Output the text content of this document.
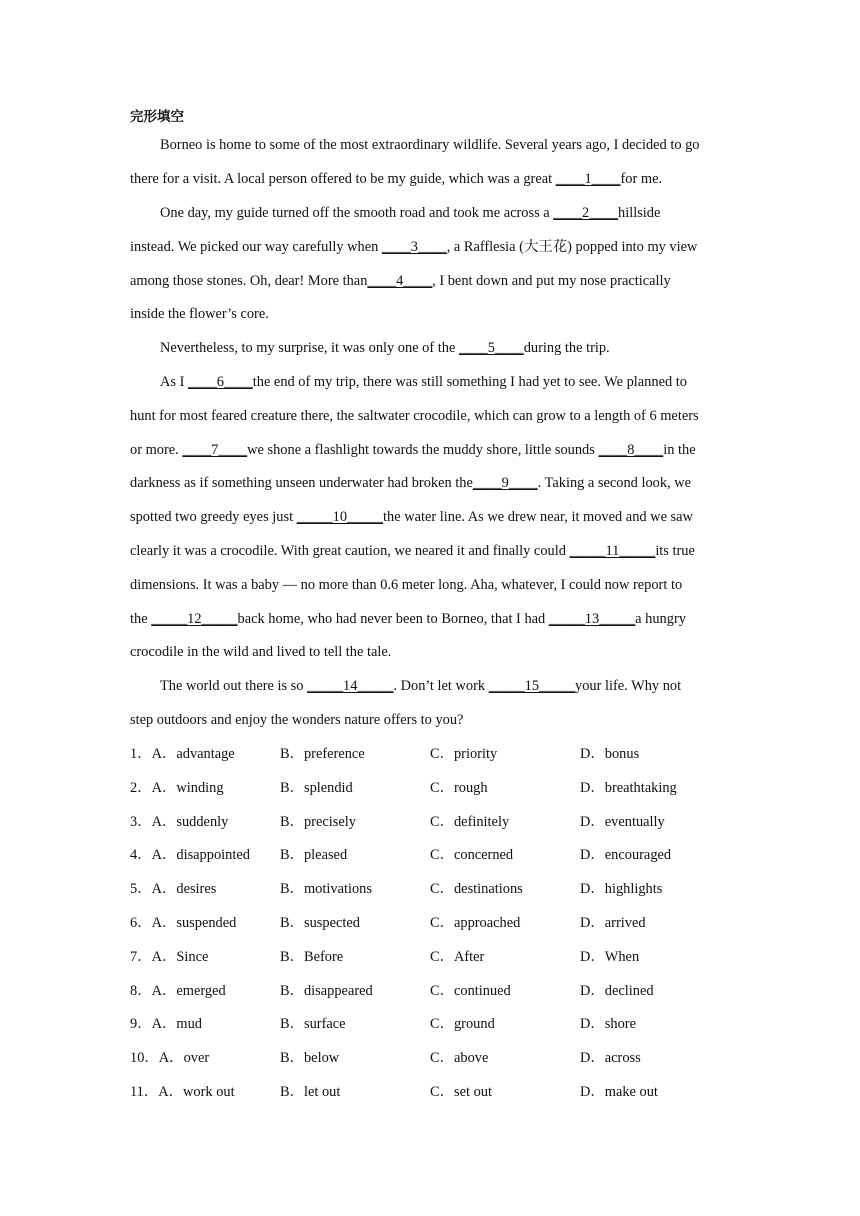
完形填空
Borneo is home to some of the most extraordinary wildlife. Several years ago, I decided to go
there for a visit. A local person offered to be my guide, which was a great ____1____for me.
One day, my guide turned off the smooth road and took me across a ____2____hillside
instead. We picked our way carefully when ____3____, a Rafflesia (大王花) popped into my view
among those stones. Oh, dear! More than____4____, I bent down and put my nose practically
inside the flower’s core.
Nevertheless, to my surprise, it was only one of the ____5____during the trip.
As I ____6____the end of my trip, there was still something I had yet to see. We planned to
hunt for most feared creature there, the saltwater crocodile, which can grow to a length of 6 meters
or more. ____7____we shone a flashlight towards the muddy shore, little sounds ____8____in the
darkness as if something unseen underwater had broken the____9____. Taking a second look, we
spotted two greedy eyes just _____10_____the water line. As we drew near, it moved and we saw
clearly it was a crocodile. With great caution, we neared it and finally could _____11_____its true
dimensions. It was a baby — no more than 0.6 meter long. Aha, whatever, I could now report to
the _____12_____back home, who had never been to Borneo, that I had _____13_____a hungry
crocodile in the wild and lived to tell the tale.
The world out there is so _____14_____. Don’t let work _____15_____your life. Why not
step outdoors and enjoy the wonders nature offers to you?
1．A．advantage	B．preference	C．priority	D．bonus
2．A．winding	B．splendid	C．rough	D．breathtaking
3．A．suddenly	B．precisely	C．definitely	D．eventually
4．A．disappointed B．pleased	C．concerned	D．encouraged
5．A．desires	B．motivations	C．destinations	D．highlights
6．A．suspended	B．suspected	C．approached	D．arrived
7．A．Since	B．Before	C．After	D．When
8．A．emerged	B．disappeared	C．continued	D．declined
9．A．mud	B．surface	C．ground	D．shore
10．A．over	B．below	C．above	D．across
11．A．work out	B．let out	C．set out	D．make out
